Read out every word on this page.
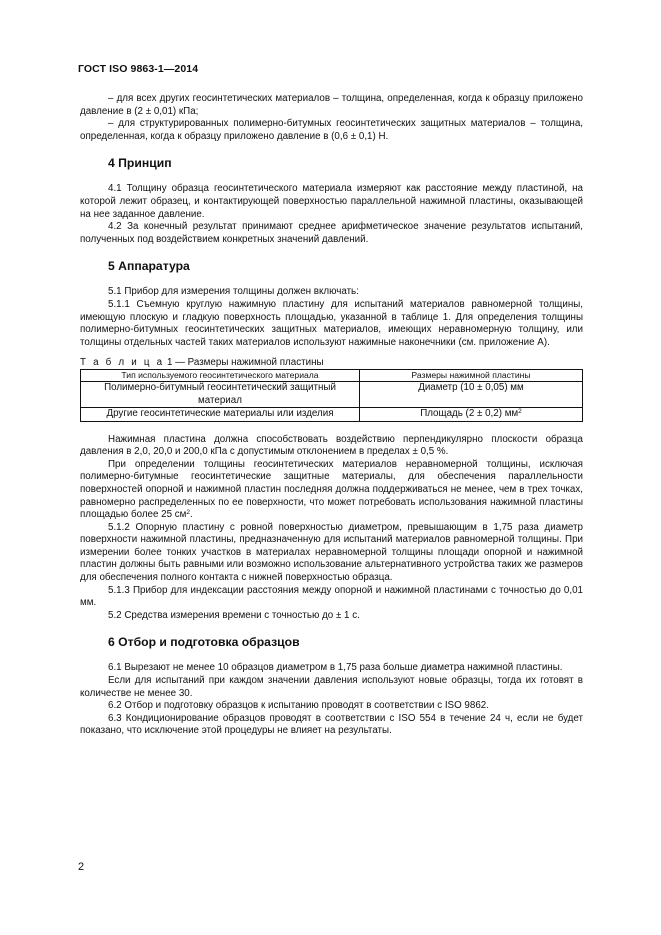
ГОСТ ISO 9863-1—2014

– для всех других геосинтетических материалов – толщина, определенная, когда к образцу приложено давление в (2 ± 0,01) кПа;

– для структурированных полимерно-битумных геосинтетических защитных материалов – толщина, определенная, когда к образцу приложено давление в (0,6 ± 0,1) Н.

4 Принцип

4.1 Толщину образца геосинтетического материала измеряют как расстояние между пластиной, на которой лежит образец, и контактирующей поверхностью параллельной нажимной пластины, оказывающей на нее заданное давление.

4.2 За конечный результат принимают среднее арифметическое значение результатов испытаний, полученных под воздействием конкретных значений давлений.

5 Аппаратура

5.1 Прибор для измерения толщины должен включать:

5.1.1 Съемную круглую нажимную пластину для испытаний материалов равномерной толщины, имеющую плоскую и гладкую поверхность площадью, указанной в таблице 1. Для определения толщины полимерно-битумных геосинтетических защитных материалов, имеющих неравномерную толщину, или толщины отдельных частей таких материалов используют нажимные наконечники (см. приложение А).

Т а б л и ц а 1 — Размеры нажимной пластины
Тип используемого геосинтетического материала	Размеры нажимной пластины
Полимерно-битумный геосинтетический защитный материал	Диаметр (10 ± 0,05) мм
Другие геосинтетические материалы или изделия	Площадь (2 ± 0,2) $мм^2$

Нажимная пластина должна способствовать воздействию перпендикулярно плоскости образца давления в 2,0, 20,0 и 200,0 кПа с допустимым отклонением в пределах ± 0,5 %.

При определении толщины геосинтетических материалов неравномерной толщины, исключая полимерно-битумные геосинтетические защитные материалы, для обеспечения параллельности поверхностей опорной и нажимной пластин последняя должна поддерживаться не менее, чем в трех точках, равномерно распределенных по ее поверхности, что может потребовать использования нажимной пластины площадью более 25 $см^2$.

5.1.2 Опорную пластину с ровной поверхностью диаметром, превышающим в 1,75 раза диаметр поверхности нажимной пластины, предназначенную для испытаний материалов равномерной толщины. При измерении более тонких участков в материалах неравномерной толщины площади опорной и нажимной пластин должны быть равными или возможно использование альтернативного устройства таких же размеров для обеспечения полного контакта с нижней поверхностью образца.

5.1.3 Прибор для индексации расстояния между опорной и нажимной пластинами с точностью до 0,01 мм.

5.2 Средства измерения времени с точностью до ± 1 с.

6 Отбор и подготовка образцов

6.1 Вырезают не менее 10 образцов диаметром в 1,75 раза больше диаметра нажимной пластины.

Если для испытаний при каждом значении давления используют новые образцы, тогда их готовят в количестве не менее 30.

6.2 Отбор и подготовку образцов к испытанию проводят в соответствии с ISO 9862.

6.3 Кондиционирование образцов проводят в соответствии с ISO 554 в течение 24 ч, если не будет показано, что исключение этой процедуры не влияет на результаты.

2
